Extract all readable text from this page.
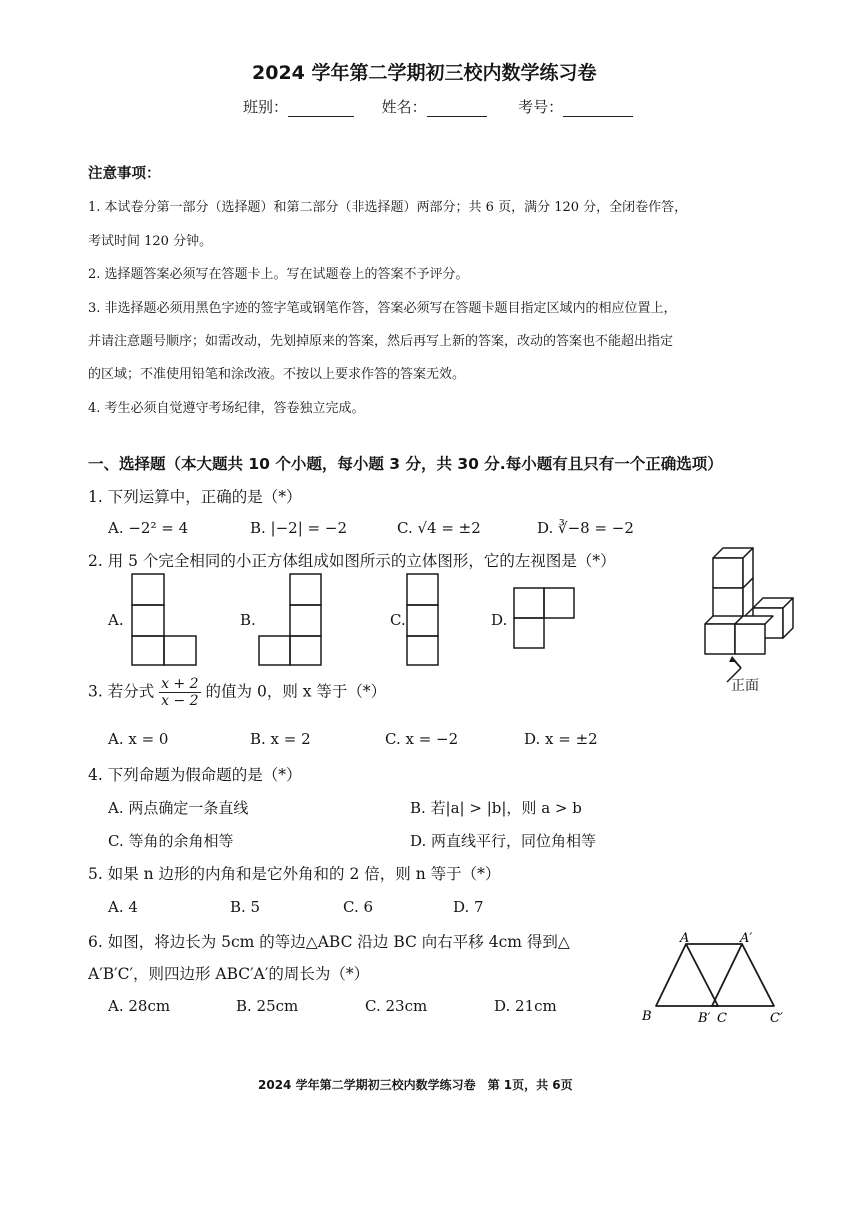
2024 学年第二学期初三校内数学练习卷
班别：	姓名：	考号：
注意事项：
1. 本试卷分第一部分（选择题）和第二部分（非选择题）两部分；共 6 页，满分 120 分，全闭卷作答，
考试时间 120 分钟。
2. 选择题答案必须写在答题卡上。写在试题卷上的答案不予评分。
3. 非选择题必须用黑色字迹的签字笔或钢笔作答，答案必须写在答题卡题目指定区域内的相应位置上，
并请注意题号顺序；如需改动，先划掉原来的答案，然后再写上新的答案，改动的答案也不能超出指定
的区域；不准使用铅笔和涂改液。不按以上要求作答的答案无效。
4. 考生必须自觉遵守考场纪律，答卷独立完成。
一、选择题（本大题共 10 个小题，每小题 3 分，共 30 分.每小题有且只有一个正确选项）
1. 下列运算中，正确的是（*）
A. −2² = 4	B. |−2| = −2	C. √4 = ±2	D. ∛−8 = −2
2. 用 5 个完全相同的小正方体组成如图所示的立体图形，它的左视图是（*）
A.	B.	C.	D.
正面
3. 若分式 $\frac{x + 2}{x - 2}$ 的值为 0，则 x 等于（*）
A. x = 0	B. x = 2	C. x = −2	D. x = ±2
4. 下列命题为假命题的是（*）
A. 两点确定一条直线	B. 若|a| > |b|，则 a > b
C. 等角的余角相等	D. 两直线平行，同位角相等
5. 如果 n 边形的内角和是它外角和的 2 倍，则 n 等于（*）
A. 4	B. 5	C. 6	D. 7
6. 如图，将边长为 5cm 的等边△ABC 沿边 BC 向右平移 4cm 得到△
A′B′C′，则四边形 ABC′A′的周长为（*）
A. 28cm	B. 25cm	C. 23cm	D. 21cm
A	A′
B	B′ C	C′
2024 学年第二学期初三校内数学练习卷　第 1页，共 6页
